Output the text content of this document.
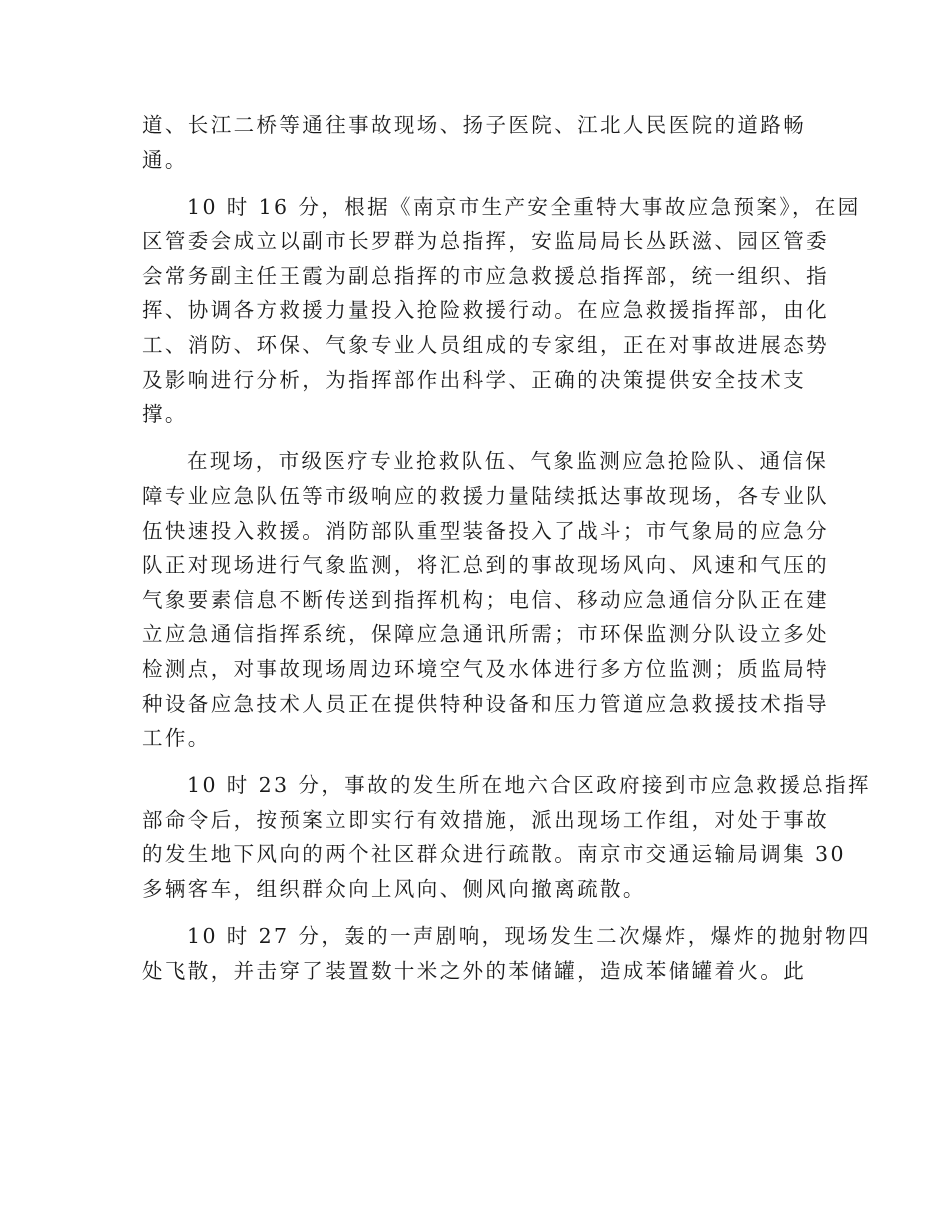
道、长江二桥等通往事故现场、扬子医院、江北人民医院的道路畅
通。
10 时 16 分，根据《南京市生产安全重特大事故应急预案》，在园
区管委会成立以副市长罗群为总指挥，安监局局长丛跃滋、园区管委
会常务副主任王霞为副总指挥的市应急救援总指挥部，统一组织、指
挥、协调各方救援力量投入抢险救援行动。在应急救援指挥部，由化
工、消防、环保、气象专业人员组成的专家组，正在对事故进展态势
及影响进行分析，为指挥部作出科学、正确的决策提供安全技术支
撑。
在现场，市级医疗专业抢救队伍、气象监测应急抢险队、通信保
障专业应急队伍等市级响应的救援力量陆续抵达事故现场，各专业队
伍快速投入救援。消防部队重型装备投入了战斗；市气象局的应急分
队正对现场进行气象监测，将汇总到的事故现场风向、风速和气压的
气象要素信息不断传送到指挥机构；电信、移动应急通信分队正在建
立应急通信指挥系统，保障应急通讯所需；市环保监测分队设立多处
检测点，对事故现场周边环境空气及水体进行多方位监测；质监局特
种设备应急技术人员正在提供特种设备和压力管道应急救援技术指导
工作。
10 时 23 分，事故的发生所在地六合区政府接到市应急救援总指挥
部命令后，按预案立即实行有效措施，派出现场工作组，对处于事故
的发生地下风向的两个社区群众进行疏散。南京市交通运输局调集 30
多辆客车，组织群众向上风向、侧风向撤离疏散。
10 时 27 分，轰的一声剧响，现场发生二次爆炸，爆炸的抛射物四
处飞散，并击穿了装置数十米之外的苯储罐，造成苯储罐着火。此
